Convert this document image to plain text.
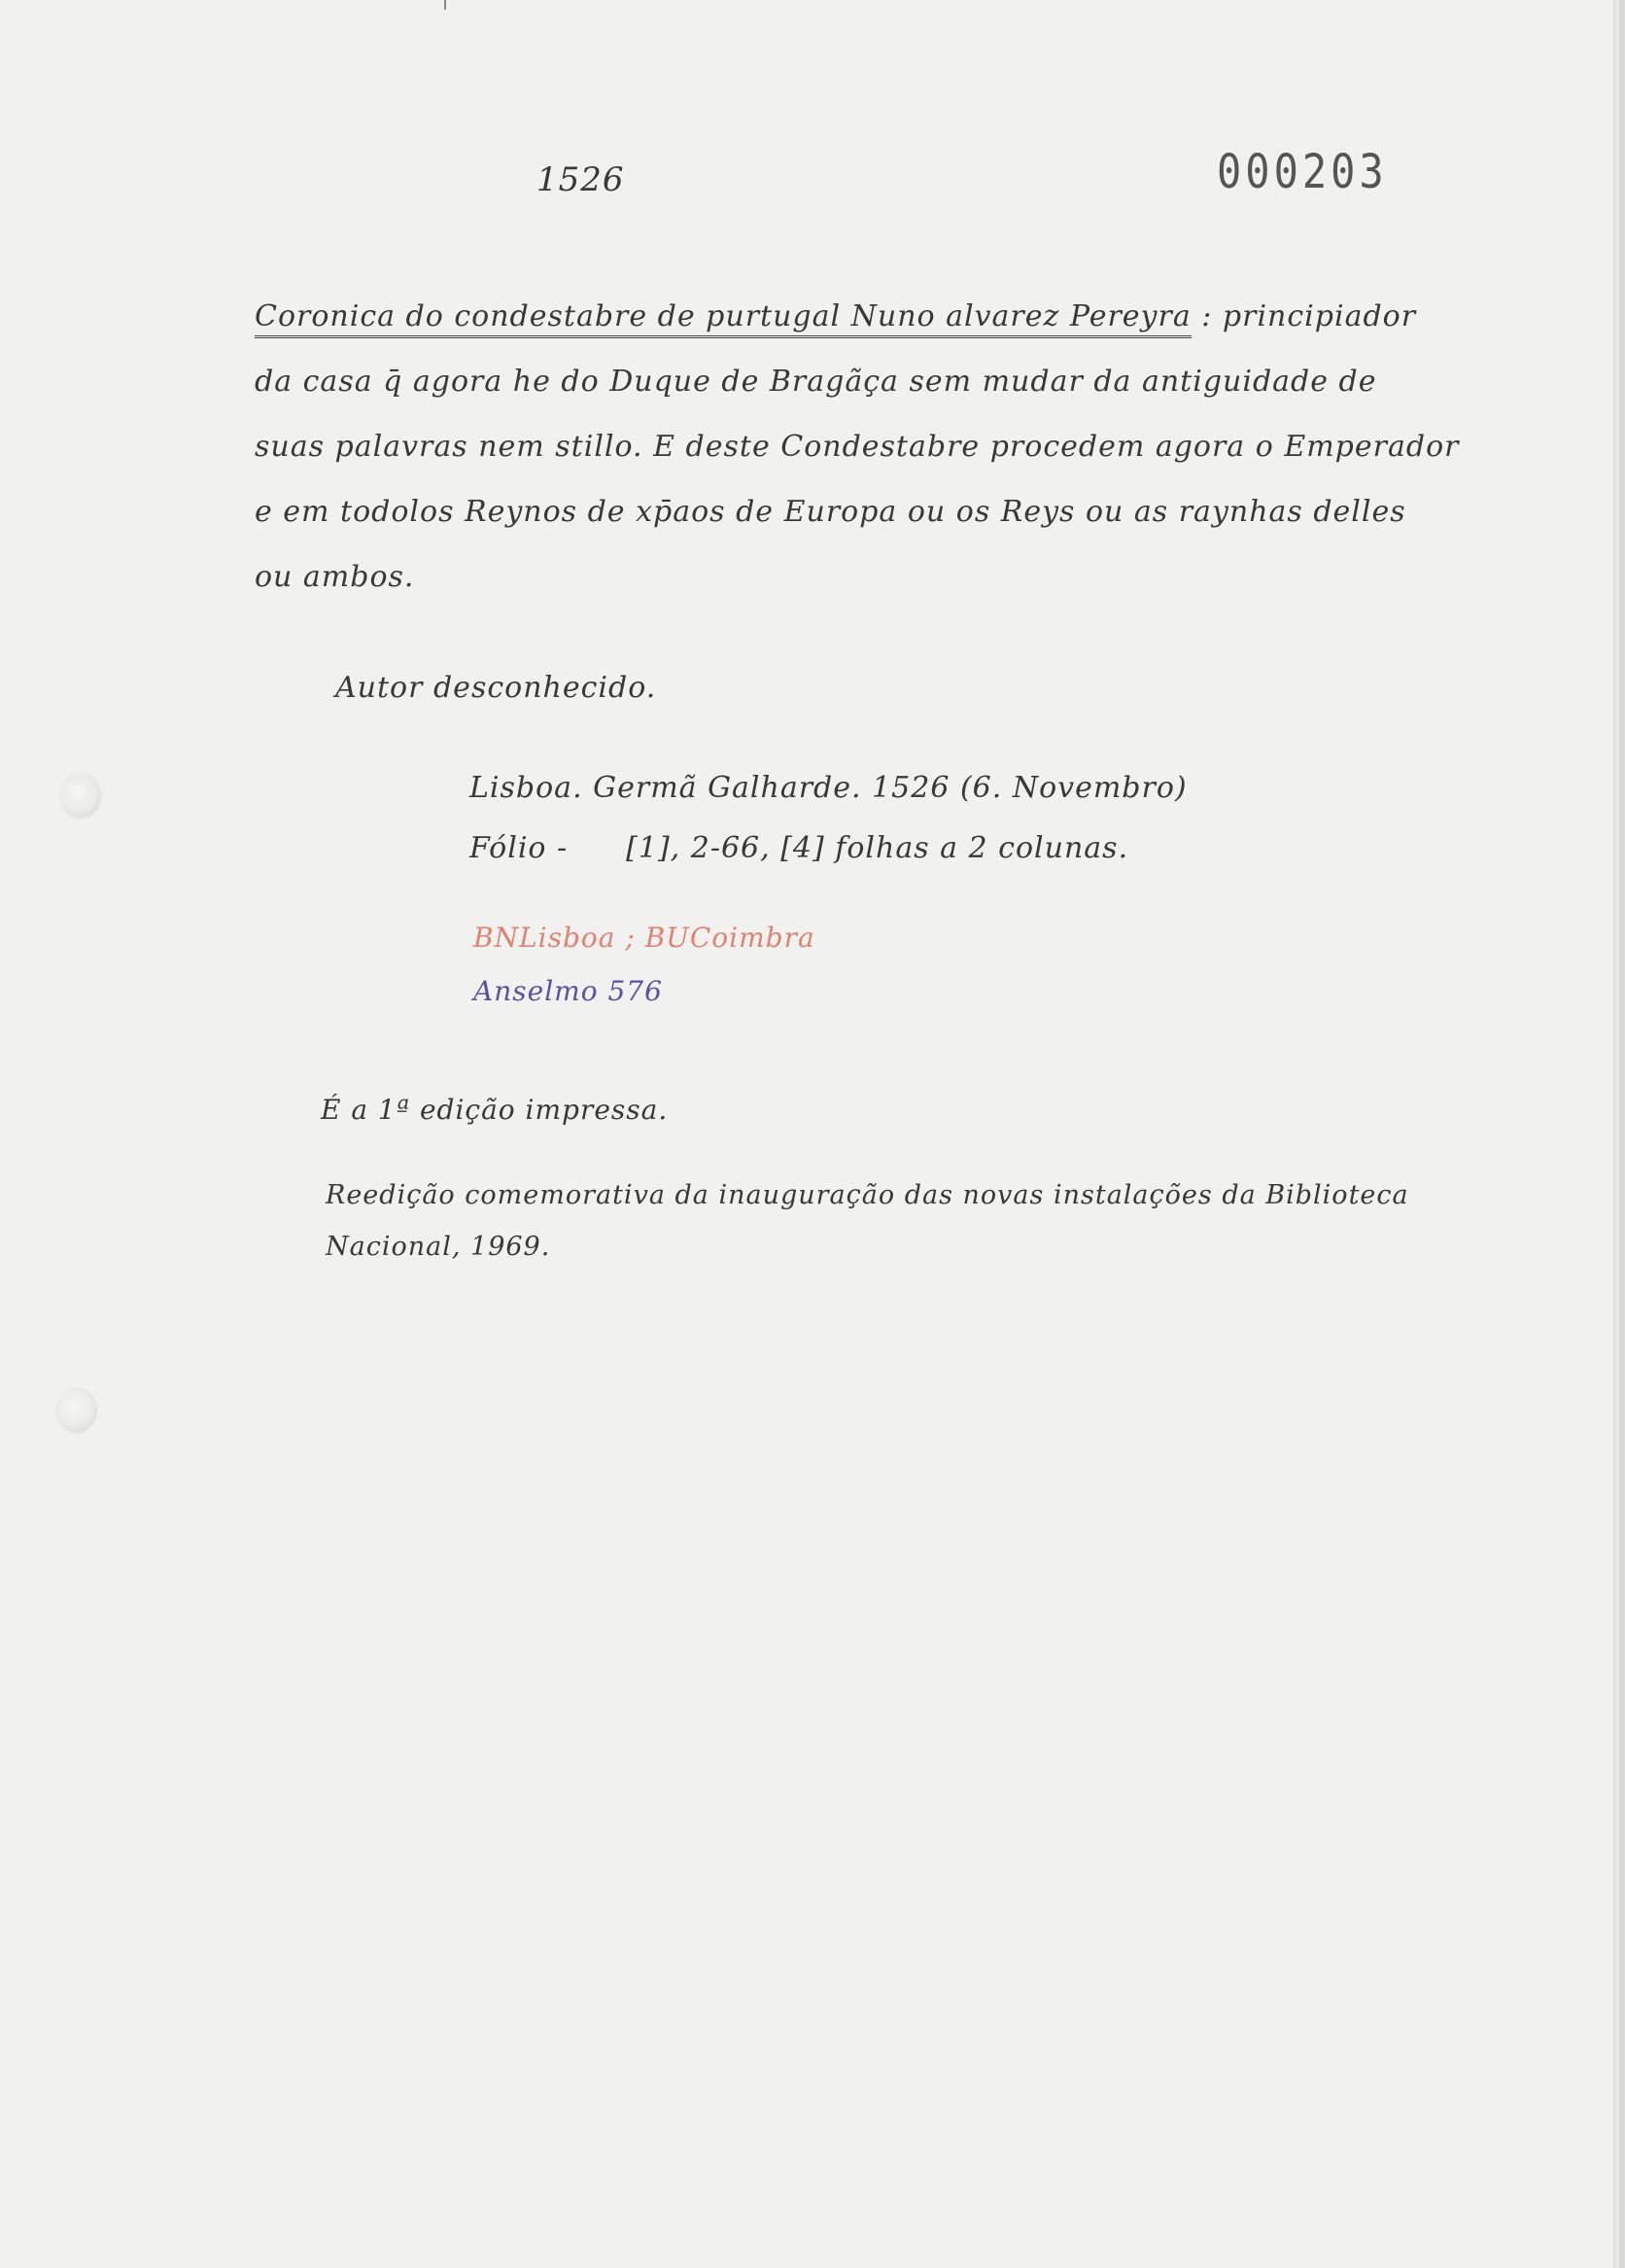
1526	000203
Coronica do condestabre de purtugal Nuno alvarez Pereyra : principiador
da casa q̄ agora he do Duque de Bragãça sem mudar da antiguidade de
suas palavras nem stillo. E deste Condestabre procedem agora o Emperador
e em todolos Reynos de xp̄aos de Europa ou os Reys ou as raynhas delles
ou ambos.
Autor desconhecido.
Lisboa. Germã Galharde. 1526 (6. Novembro)
Fólio - [1], 2-66, [4] folhas a 2 colunas.
BNLisboa ; BUCoimbra
Anselmo 576
É a 1ª edição impressa.
Reedição comemorativa da inauguração das novas instalações da Biblioteca
Nacional, 1969.
